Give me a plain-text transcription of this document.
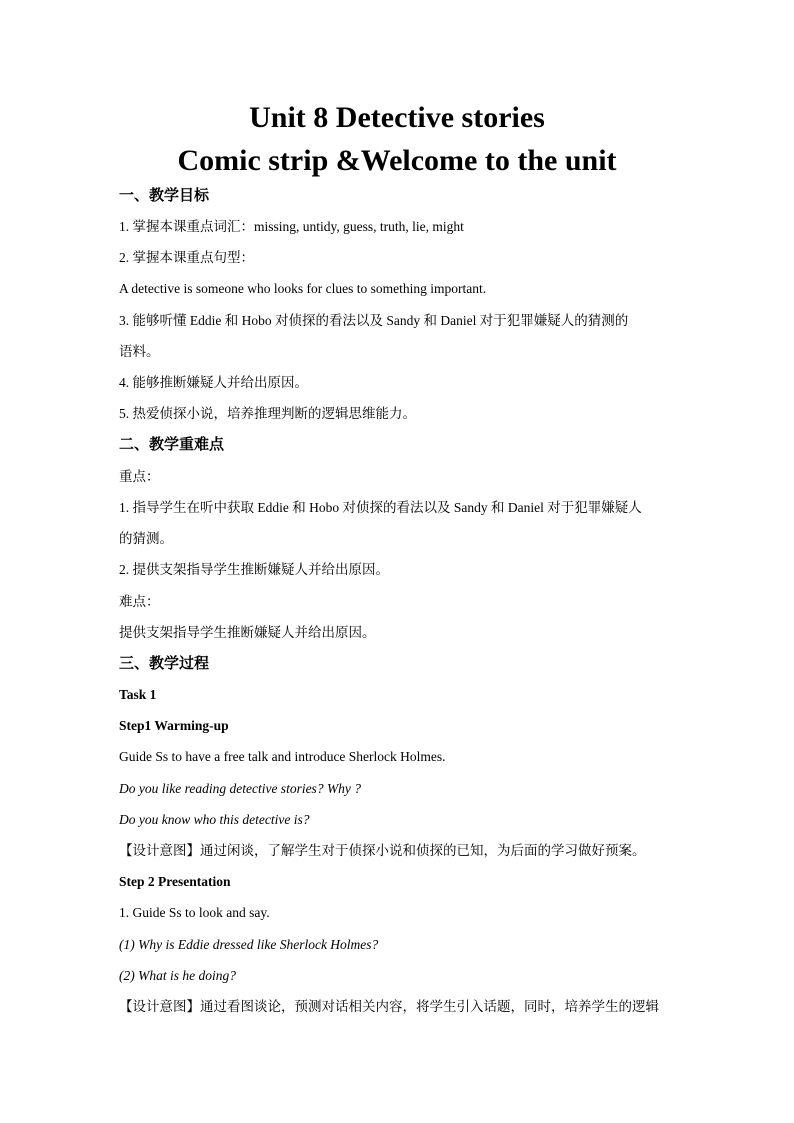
Unit 8 Detective stories
Comic strip &Welcome to the unit
一、教学目标
1. 掌握本课重点词汇：missing, untidy, guess, truth, lie, might
2. 掌握本课重点句型：
A detective is someone who looks for clues to something important.
3. 能够听懂 Eddie 和 Hobo 对侦探的看法以及 Sandy 和 Daniel 对于犯罪嫌疑人的猜测的
语料。
4. 能够推断嫌疑人并给出原因。
5. 热爱侦探小说，培养推理判断的逻辑思维能力。
二、教学重难点
重点：
1. 指导学生在听中获取 Eddie 和 Hobo 对侦探的看法以及 Sandy 和 Daniel 对于犯罪嫌疑人
的猜测。
2. 提供支架指导学生推断嫌疑人并给出原因。
难点：
提供支架指导学生推断嫌疑人并给出原因。
三、教学过程
Task 1
Step1 Warming-up
Guide Ss to have a free talk and introduce Sherlock Holmes.
Do you like reading detective stories? Why ?
Do you know who this detective is?
【设计意图】通过闲谈，了解学生对于侦探小说和侦探的已知，为后面的学习做好预案。
Step 2 Presentation
1. Guide Ss to look and say.
(1) Why is Eddie dressed like Sherlock Holmes?
(2) What is he doing?
【设计意图】通过看图谈论，预测对话相关内容，将学生引入话题，同时，培养学生的逻辑
